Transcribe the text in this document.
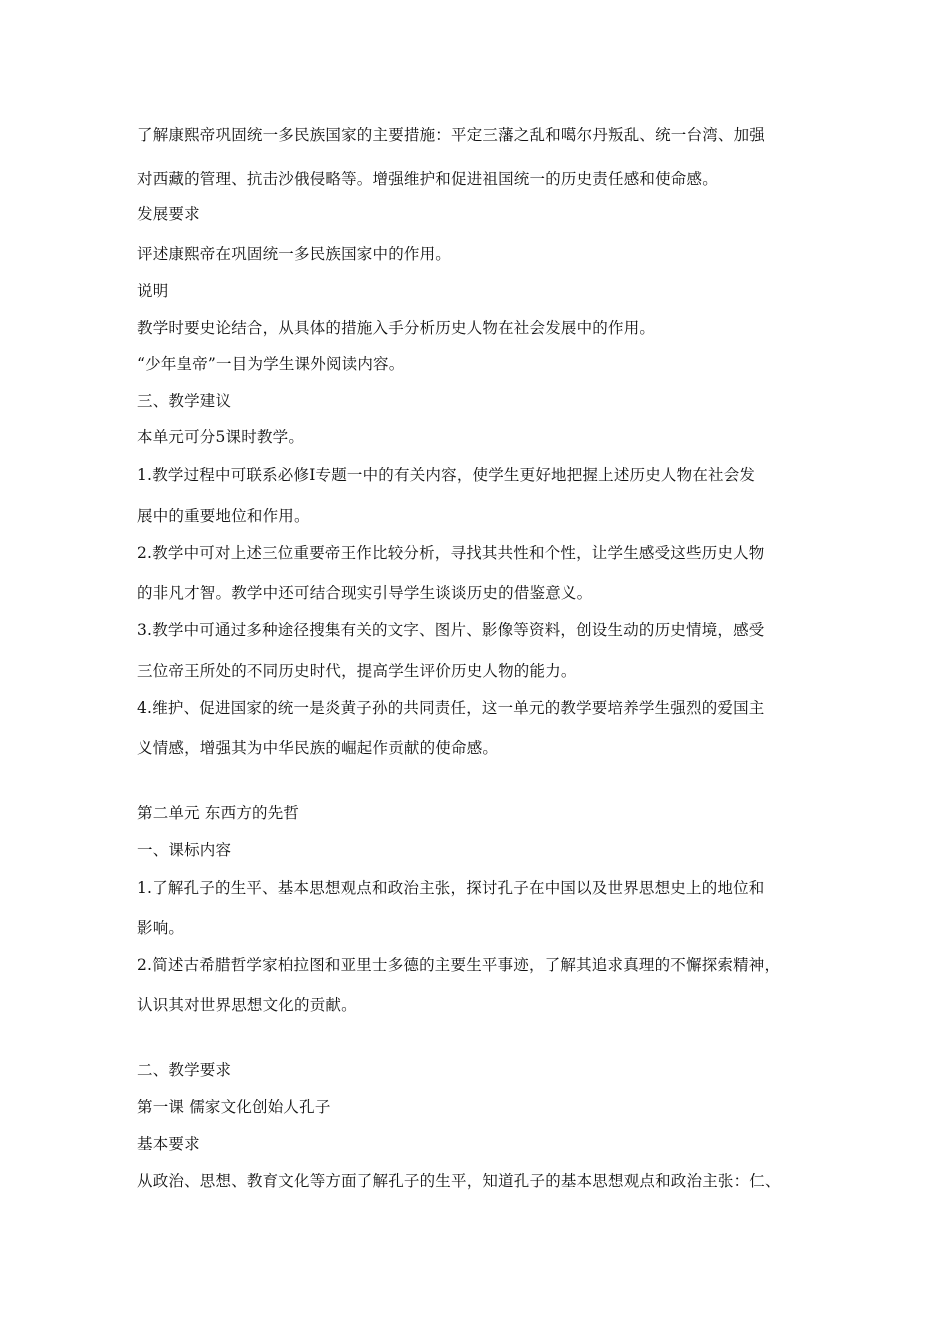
了解康熙帝巩固统一多民族国家的主要措施：平定三藩之乱和噶尔丹叛乱、统一台湾、加强
对西藏的管理、抗击沙俄侵略等。增强维护和促进祖国统一的历史责任感和使命感。
发展要求
评述康熙帝在巩固统一多民族国家中的作用。
说明
教学时要史论结合，从具体的措施入手分析历史人物在社会发展中的作用。
“少年皇帝”一目为学生课外阅读内容。
三、教学建议
本单元可分5课时教学。
1.教学过程中可联系必修Ⅰ专题一中的有关内容，使学生更好地把握上述历史人物在社会发
展中的重要地位和作用。
2.教学中可对上述三位重要帝王作比较分析，寻找其共性和个性，让学生感受这些历史人物
的非凡才智。教学中还可结合现实引导学生谈谈历史的借鉴意义。
3.教学中可通过多种途径搜集有关的文字、图片、影像等资料，创设生动的历史情境，感受
三位帝王所处的不同历史时代，提高学生评价历史人物的能力。
4.维护、促进国家的统一是炎黄子孙的共同责任，这一单元的教学要培养学生强烈的爱国主
义情感，增强其为中华民族的崛起作贡献的使命感。
第二单元 东西方的先哲
一、课标内容
1.了解孔子的生平、基本思想观点和政治主张，探讨孔子在中国以及世界思想史上的地位和
影响。
2.简述古希腊哲学家柏拉图和亚里士多德的主要生平事迹，了解其追求真理的不懈探索精神，
认识其对世界思想文化的贡献。
二、教学要求
第一课 儒家文化创始人孔子
基本要求
从政治、思想、教育文化等方面了解孔子的生平，知道孔子的基本思想观点和政治主张：仁、
